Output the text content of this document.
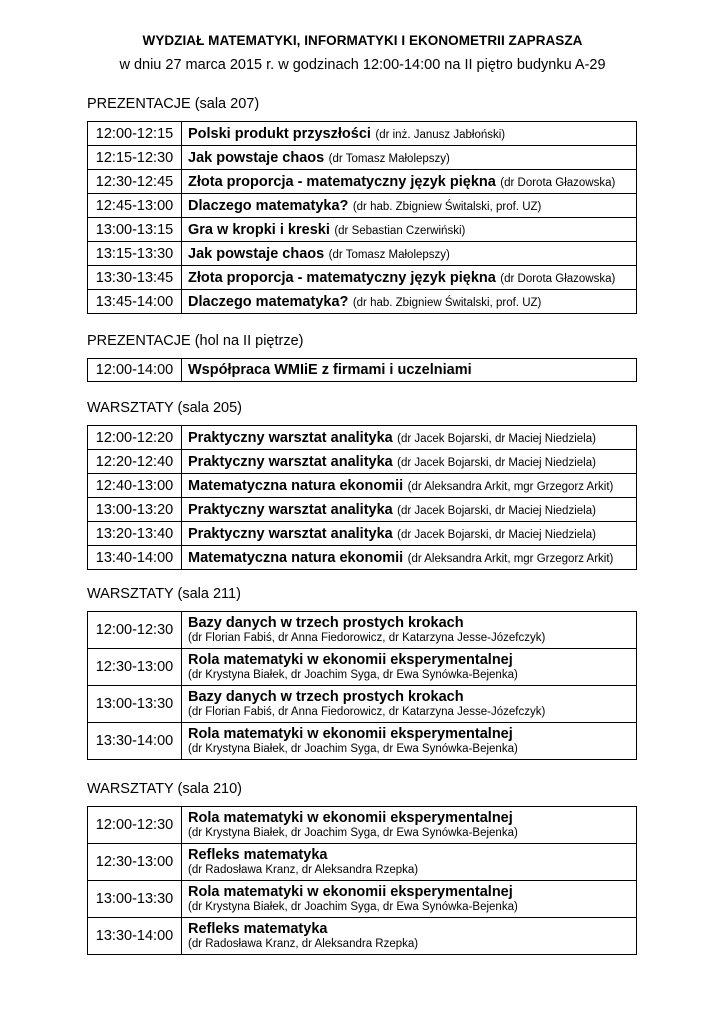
WYDZIAŁ MATEMATYKI, INFORMATYKI I EKONOMETRII ZAPRASZA
w dniu 27 marca 2015 r. w godzinach 12:00-14:00 na II piętro budynku A-29
PREZENTACJE (sala 207)
12:00-12:15	Polski produkt przyszłości (dr inż. Janusz Jabłoński)
12:15-12:30	Jak powstaje chaos (dr Tomasz Małolepszy)
12:30-12:45	Złota proporcja - matematyczny język piękna (dr Dorota Głazowska)
12:45-13:00	Dlaczego matematyka? (dr hab. Zbigniew Świtalski, prof. UZ)
13:00-13:15	Gra w kropki i kreski (dr Sebastian Czerwiński)
13:15-13:30	Jak powstaje chaos (dr Tomasz Małolepszy)
13:30-13:45	Złota proporcja - matematyczny język piękna (dr Dorota Głazowska)
13:45-14:00	Dlaczego matematyka? (dr hab. Zbigniew Świtalski, prof. UZ)
PREZENTACJE (hol na II piętrze)
12:00-14:00	Współpraca WMIiE z firmami i uczelniami
WARSZTATY (sala 205)
12:00-12:20	Praktyczny warsztat analityka (dr Jacek Bojarski, dr Maciej Niedziela)
12:20-12:40	Praktyczny warsztat analityka (dr Jacek Bojarski, dr Maciej Niedziela)
12:40-13:00	Matematyczna natura ekonomii (dr Aleksandra Arkit, mgr Grzegorz Arkit)
13:00-13:20	Praktyczny warsztat analityka (dr Jacek Bojarski, dr Maciej Niedziela)
13:20-13:40	Praktyczny warsztat analityka (dr Jacek Bojarski, dr Maciej Niedziela)
13:40-14:00	Matematyczna natura ekonomii (dr Aleksandra Arkit, mgr Grzegorz Arkit)
WARSZTATY (sala 211)
12:00-12:30	Bazy danych w trzech prostych krokach
(dr Florian Fabiś, dr Anna Fiedorowicz, dr Katarzyna Jesse-Józefczyk)

12:30-13:00	Rola matematyki w ekonomii eksperymentalnej
(dr Krystyna Białek, dr Joachim Syga, dr Ewa Synówka-Bejenka)

13:00-13:30	Bazy danych w trzech prostych krokach
(dr Florian Fabiś, dr Anna Fiedorowicz, dr Katarzyna Jesse-Józefczyk)

13:30-14:00	Rola matematyki w ekonomii eksperymentalnej
(dr Krystyna Białek, dr Joachim Syga, dr Ewa Synówka-Bejenka)
WARSZTATY (sala 210)
12:00-12:30	Rola matematyki w ekonomii eksperymentalnej
(dr Krystyna Białek, dr Joachim Syga, dr Ewa Synówka-Bejenka)

12:30-13:00	Refleks matematyka
(dr Radosława Kranz, dr Aleksandra Rzepka)

13:00-13:30	Rola matematyki w ekonomii eksperymentalnej
(dr Krystyna Białek, dr Joachim Syga, dr Ewa Synówka-Bejenka)

13:30-14:00	Refleks matematyka
(dr Radosława Kranz, dr Aleksandra Rzepka)
